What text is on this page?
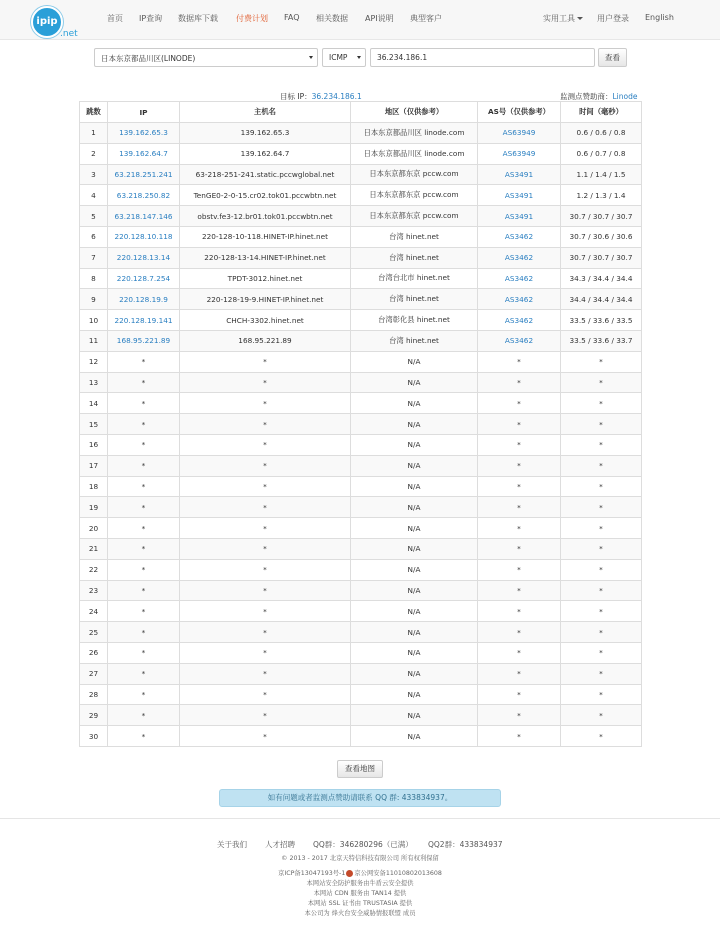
ipip
.net
首页 IP查询 数据库下载 付费计划 FAQ 相关数据 API说明 典型客户	实用工具	用户登录 English
日本东京都品川区(LINODE)	ICMP	36.234.186.1	查看
目标 IP：36.234.186.1	监测点赞助商：Linode
跳数	IP	主机名	地区（仅供参考）	AS号（仅供参考）	时间（毫秒）
1	139.162.65.3	139.162.65.3	日本东京都品川区 linode.com	AS63949	0.6 / 0.6 / 0.8
2	139.162.64.7	139.162.64.7	日本东京都品川区 linode.com	AS63949	0.6 / 0.7 / 0.8
3	63.218.251.241	63-218-251-241.static.pccwglobal.net	日本东京都东京 pccw.com	AS3491	1.1 / 1.4 / 1.5
4	63.218.250.82	TenGE0-2-0-15.cr02.tok01.pccwbtn.net	日本东京都东京 pccw.com	AS3491	1.2 / 1.3 / 1.4
5	63.218.147.146	obstv.fe3-12.br01.tok01.pccwbtn.net	日本东京都东京 pccw.com	AS3491	30.7 / 30.7 / 30.7
6	220.128.10.118	220-128-10-118.HINET-IP.hinet.net	台湾 hinet.net	AS3462	30.7 / 30.6 / 30.6
7	220.128.13.14	220-128-13-14.HINET-IP.hinet.net	台湾 hinet.net	AS3462	30.7 / 30.7 / 30.7
8	220.128.7.254	TPDT-3012.hinet.net	台湾台北市 hinet.net	AS3462	34.3 / 34.4 / 34.4
9	220.128.19.9	220-128-19-9.HINET-IP.hinet.net	台湾 hinet.net	AS3462	34.4 / 34.4 / 34.4
10	220.128.19.141	CHCH-3302.hinet.net	台湾彰化县 hinet.net	AS3462	33.5 / 33.6 / 33.5
11	168.95.221.89	168.95.221.89	台湾 hinet.net	AS3462	33.5 / 33.6 / 33.7
12	*	*	N/A	*	*
13	*	*	N/A	*	*
14	*	*	N/A	*	*
15	*	*	N/A	*	*
16	*	*	N/A	*	*
17	*	*	N/A	*	*
18	*	*	N/A	*	*
19	*	*	N/A	*	*
20	*	*	N/A	*	*
21	*	*	N/A	*	*
22	*	*	N/A	*	*
23	*	*	N/A	*	*
24	*	*	N/A	*	*
25	*	*	N/A	*	*
26	*	*	N/A	*	*
27	*	*	N/A	*	*
28	*	*	N/A	*	*
29	*	*	N/A	*	*
30	*	*	N/A	*	*
查看地图
如有问题或者监测点赞助请联系 QQ 群: 433834937。
关于我们 人才招聘 QQ群：346280296（已满） QQ2群：433834937
© 2013 - 2017 北京天特信科技有限公司 所有权利保留
京ICP备13047193号-1 京公网安备11010802013608
本网站安全防护服务由牛盾云安全提供
本网站 CDN 服务由 TAN14 提供
本网站 SSL 证书由 TRUSTASIA 提供
本公司为 烽火台安全威胁情报联盟 成员
